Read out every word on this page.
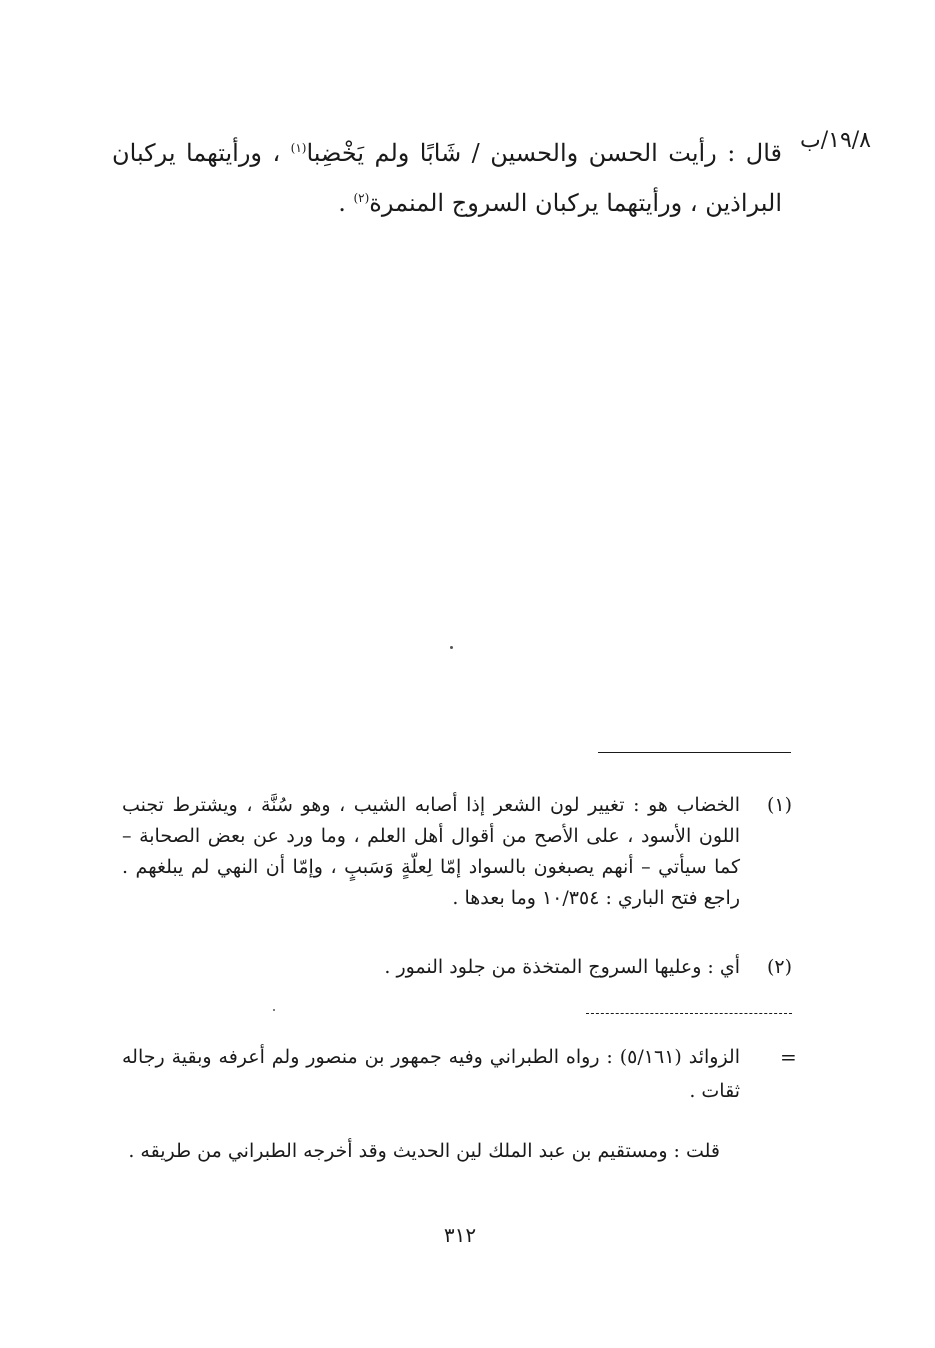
١٩/٨/ب
قال : رأيت الحسن والحسين / شَابًا ولم يَخْضِبا$^{(١)}$ ، ورأيتهما يركبان البراذين ، ورأيتهما يركبان السروج المنمرة$^{(٢)}$ .
(١)
الخضاب هو : تغيير لون الشعر إذا أصابه الشيب ، وهو سُنَّة ، ويشترط تجنب اللون الأسود ، على الأصح من أقوال أهل العلم ، وما ورد عن بعض الصحابة – كما سيأتي – أنهم يصبغون بالسواد إمّا لِعلّةٍ وَسَببٍ ، وإمّا أن النهي لم يبلغهم . راجع فتح الباري : ١٠/٣٥٤ وما بعدها .
(٢)
أي : وعليها السروج المتخذة من جلود النمور .
=
الزوائد (٥/١٦١) : رواه الطبراني وفيه جمهور بن منصور ولم أعرفه وبقية رجاله ثقات .
قلت : ومستقيم بن عبد الملك لين الحديث وقد أخرجه الطبراني من طريقه .
٣١٢
